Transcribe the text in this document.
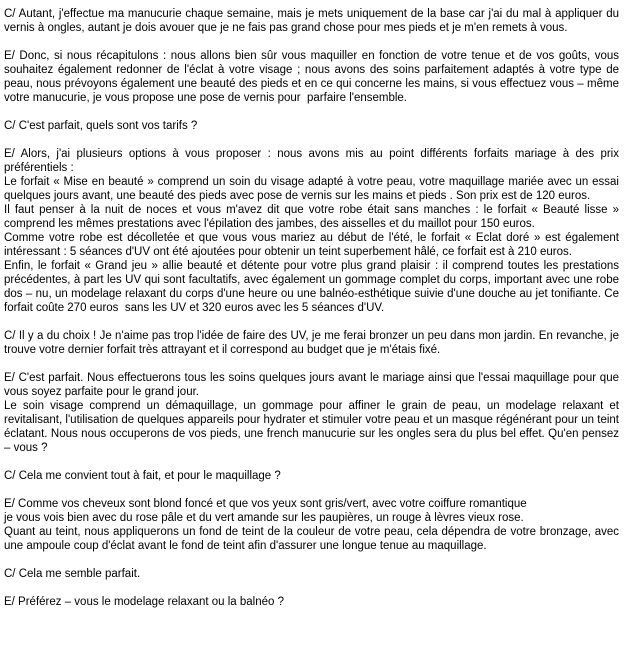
C/ Autant, j'effectue ma manucurie chaque semaine, mais je mets uniquement de la base car j'ai du mal à appliquer du vernis à ongles, autant je dois avouer que je ne fais pas grand chose pour mes pieds et je m'en remets à vous.
E/ Donc, si nous récapitulons : nous allons bien sûr vous maquiller en fonction de votre tenue et de vos goûts, vous souhaitez également redonner de l'éclat à votre visage ; nous avons des soins parfaitement adaptés à votre type de peau, nous prévoyons également une beauté des pieds et en ce qui concerne les mains, si vous effectuez vous – même votre manucurie, je vous propose une pose de vernis pour  parfaire l'ensemble.
C/ C'est parfait, quels sont vos tarifs ?
E/ Alors, j'ai plusieurs options à vous proposer : nous avons mis au point différents forfaits mariage à des prix préférentiels :
Le forfait « Mise en beauté » comprend un soin du visage adapté à votre peau, votre maquillage mariée avec un essai quelques jours avant, une beauté des pieds avec pose de vernis sur les mains et pieds . Son prix est de 120 euros.
Il faut penser à la nuit de noces et vous m'avez dit que votre robe était sans manches : le forfait « Beauté lisse » comprend les mêmes prestations avec l'épilation des jambes, des aisselles et du maillot pour 150 euros.
Comme votre robe est décolletée et que vous vous mariez au début de l'été, le forfait « Eclat doré » est également intéressant : 5 séances d'UV ont été ajoutées pour obtenir un teint superbement hâlé, ce forfait est à 210 euros.
Enfin, le forfait « Grand jeu » allie beauté et détente pour votre plus grand plaisir : il comprend toutes les prestations précédentes, à part les UV qui sont facultatifs, avec également un gommage complet du corps, important avec une robe dos – nu, un modelage relaxant du corps d'une heure ou une balnéo-esthétique suivie d'une douche au jet tonifiante. Ce forfait coûte 270 euros  sans les UV et 320 euros avec les 5 séances d'UV.
C/ Il y a du choix ! Je n'aime pas trop l'idée de faire des UV, je me ferai bronzer un peu dans mon jardin. En revanche, je trouve votre dernier forfait très attrayant et il correspond au budget que je m'étais fixé.
E/ C'est parfait. Nous effectuerons tous les soins quelques jours avant le mariage ainsi que l'essai maquillage pour que vous soyez parfaite pour le grand jour.
Le soin visage comprend un démaquillage, un gommage pour affiner le grain de peau, un modelage relaxant et revitalisant, l'utilisation de quelques appareils pour hydrater et stimuler votre peau et un masque régénérant pour un teint éclatant. Nous nous occuperons de vos pieds, une french manucurie sur les ongles sera du plus bel effet. Qu'en pensez – vous ?
C/ Cela me convient tout à fait, et pour le maquillage ?
E/ Comme vos cheveux sont blond foncé et que vos yeux sont gris/vert, avec votre coiffure romantique
je vous vois bien avec du rose pâle et du vert amande sur les paupières, un rouge à lèvres vieux rose.
Quant au teint, nous appliquerons un fond de teint de la couleur de votre peau, cela dépendra de votre bronzage, avec une ampoule coup d'éclat avant le fond de teint afin d'assurer une longue tenue au maquillage.
C/ Cela me semble parfait.
E/ Préférez – vous le modelage relaxant ou la balnéo ?
